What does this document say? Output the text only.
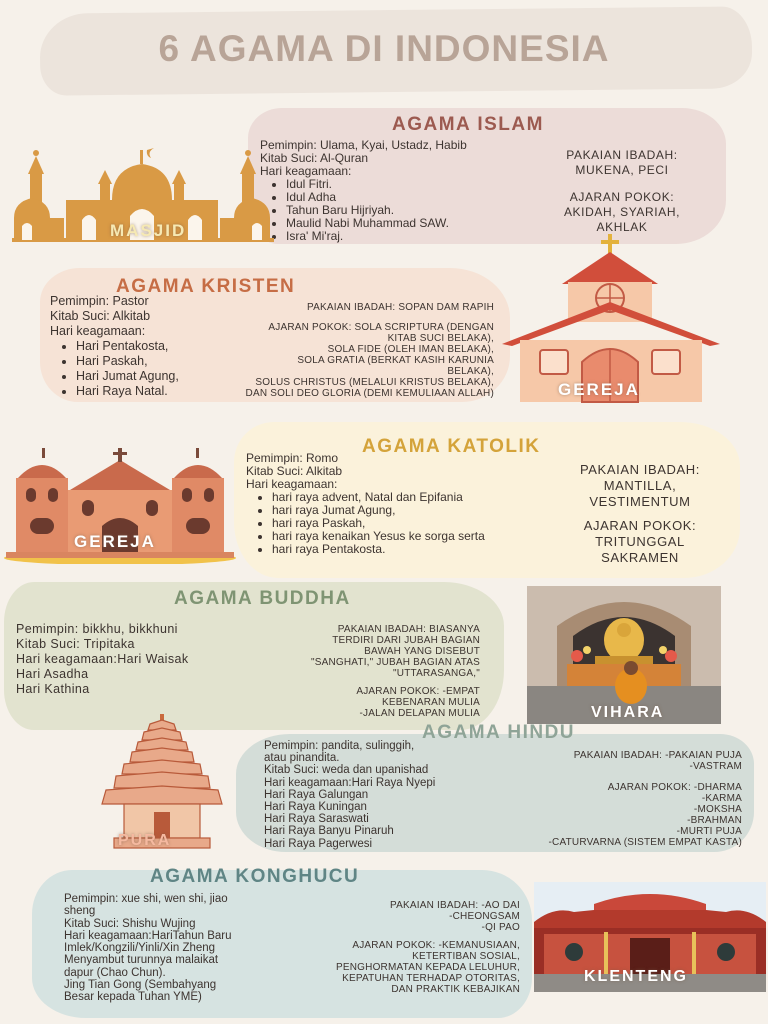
6 AGAMA DI INDONESIA
AGAMA ISLAM
Pemimpin: Ulama, Kyai, Ustadz, Habib
Kitab Suci: Al-Quran
Hari keagamaan:
• Idul Fitri.
• Idul Adha
• Tahun Baru Hijriyah.
• Maulid Nabi Muhammad SAW.
• Isra' Mi'raj.
PAKAIAN IBADAH:
MUKENA, PECI
AJARAN POKOK:
AKIDAH, SYARIAH,
AKHLAK
MASJID
AGAMA KRISTEN
Pemimpin: Pastor
Kitab Suci: Alkitab
Hari keagamaan:
• Hari Pentakosta,
• Hari Paskah,
• Hari Jumat Agung,
• Hari Raya Natal.
PAKAIAN IBADAH: SOPAN DAM RAPIH
AJARAN POKOK: SOLA SCRIPTURA (DENGAN
KITAB SUCI BELAKA),
SOLA FIDE (OLEH IMAN BELAKA),
SOLA GRATIA (BERKAT KASIH KARUNIA
BELAKA),
SOLUS CHRISTUS (MELALUI KRISTUS BELAKA),
DAN SOLI DEO GLORIA (DEMI KEMULIAAN ALLAH)	GEREJA
AGAMA KATOLIK
Pemimpin: Romo
Kitab Suci: Alkitab
Hari keagamaan:
• hari raya advent, Natal dan Epifania
• hari raya Jumat Agung,
• hari raya Paskah,
• hari raya kenaikan Yesus ke sorga serta
• hari raya Pentakosta.
PAKAIAN IBADAH:
MANTILLA,
VESTIMENTUM
AJARAN POKOK:
TRITUNGGAL
SAKRAMEN
GEREJA
AGAMA BUDDHA
Pemimpin: bikkhu, bikkhuni
Kitab Suci: Tripitaka
Hari keagamaan:Hari Waisak
Hari Asadha
Hari Kathina
PAKAIAN IBADAH: BIASANYA
TERDIRI DARI JUBAH BAGIAN
BAWAH YANG DISEBUT
"SANGHATI," JUBAH BAGIAN ATAS
"UTTARASANGA,"
AJARAN POKOK: -EMPAT
KEBENARAN MULIA
-JALAN DELAPAN MULIA	VIHARA
AGAMA HINDU
Pemimpin: pandita, sulinggih,
atau pinandita.
Kitab Suci: weda dan upanishad
Hari keagamaan:Hari Raya Nyepi
Hari Raya Galungan
Hari Raya Kuningan
Hari Raya Saraswati
Hari Raya Banyu Pinaruh
Hari Raya Pagerwesi
PAKAIAN IBADAH: -PAKAIAN PUJA
-VASTRAM
AJARAN POKOK: -DHARMA
-KARMA
-MOKSHA
-BRAHMAN
-MURTI PUJA
-CATURVARNA (SISTEM EMPAT KASTA)
PURA
AGAMA KONGHUCU
Pemimpin: xue shi, wen shi, jiao
sheng
Kitab Suci: Shishu Wujing
Hari keagamaan:HariTahun Baru
Imlek/Kongzili/Yinli/Xin Zheng
Menyambut turunnya malaikat
dapur (Chao Chun).
Jing Tian Gong (Sembahyang
Besar kepada Tuhan YME)
PAKAIAN IBADAH: -AO DAI
-CHEONGSAM
-QI PAO
AJARAN POKOK: -KEMANUSIAAN,
KETERTIBAN SOSIAL,
PENGHORMATAN KEPADA LELUHUR,
KEPATUHAN TERHADAP OTORITAS,
DAN PRAKTIK KEBAJIKAN
KLENTENG
